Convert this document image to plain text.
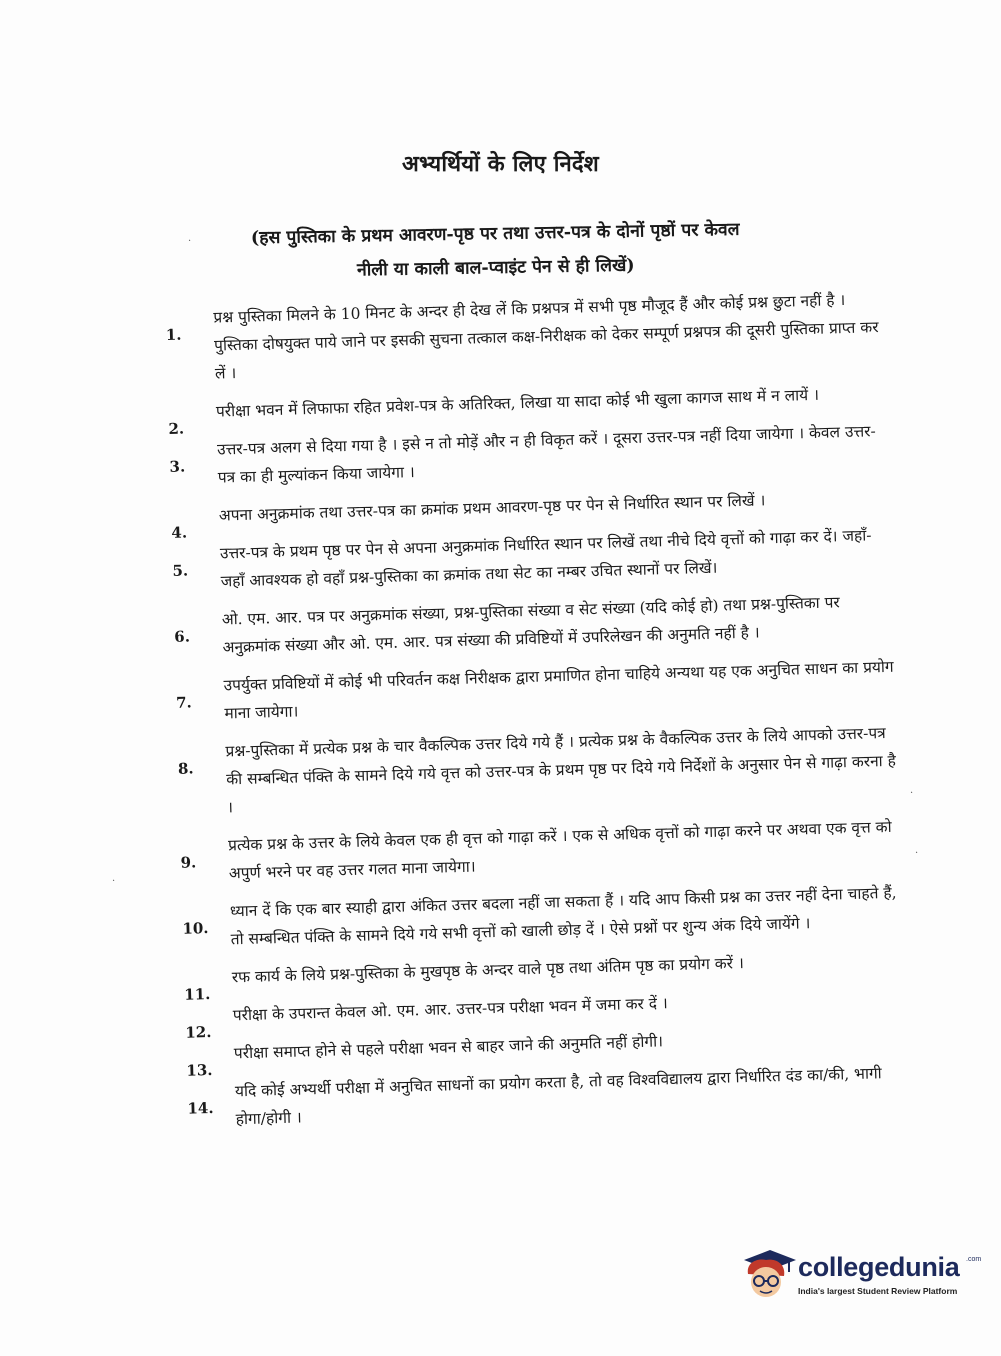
अभ्यर्थियों के लिए निर्देश
(हस पुस्तिका के प्रथम आवरण-पृष्ठ पर तथा उत्तर-पत्र के दोनों पृष्ठों पर केवल
नीली या काली बाल-प्वाइंट पेन से ही लिखें)
1.
प्रश्न पुस्तिका मिलने के 10 मिनट के अन्दर ही देख लें कि प्रश्नपत्र में सभी पृष्ठ मौजूद हैं और कोई प्रश्न छुटा नहीं है । पुस्तिका दोषयुक्त पाये जाने पर इसकी सुचना तत्काल कक्ष-निरीक्षक को देकर सम्पूर्ण प्रश्नपत्र की दूसरी पुस्तिका प्राप्त कर लें ।
2.
परीक्षा भवन में लिफाफा रहित प्रवेश-पत्र के अतिरिक्त, लिखा या सादा कोई भी खुला कागज साथ में न लायें ।
3.
उत्तर-पत्र अलग से दिया गया है । इसे न तो मोड़ें और न ही विकृत करें । दूसरा उत्तर-पत्र नहीं दिया जायेगा । केवल उत्तर-पत्र का ही मुल्यांकन किया जायेगा ।
4.
अपना अनुक्रमांक तथा उत्तर-पत्र का क्रमांक प्रथम आवरण-पृष्ठ पर पेन से निर्धारित स्थान पर लिखें ।
5.
उत्तर-पत्र के प्रथम पृष्ठ पर पेन से अपना अनुक्रमांक निर्धारित स्थान पर लिखें तथा नीचे दिये वृत्तों को गाढ़ा कर दें। जहाँ-जहाँ आवश्यक हो वहाँ प्रश्न-पुस्तिका का क्रमांक तथा सेट का नम्बर उचित स्थानों पर लिखें।
6.
ओ. एम. आर. पत्र पर अनुक्रमांक संख्या, प्रश्न-पुस्तिका संख्या व सेट संख्या (यदि कोई हो) तथा प्रश्न-पुस्तिका पर अनुक्रमांक संख्या और ओ. एम. आर. पत्र संख्या की प्रविष्टियों में उपरिलेखन की अनुमति नहीं है ।
7.
उपर्युक्त प्रविष्टियों में कोई भी परिवर्तन कक्ष निरीक्षक द्वारा प्रमाणित होना चाहिये अन्यथा यह एक अनुचित साधन का प्रयोग माना जायेगा।
8.
प्रश्न-पुस्तिका में प्रत्येक प्रश्न के चार वैकल्पिक उत्तर दिये गये हैं । प्रत्येक प्रश्न के वैकल्पिक उत्तर के लिये आपको उत्तर-पत्र की सम्बन्धित पंक्ति के सामने दिये गये वृत्त को उत्तर-पत्र के प्रथम पृष्ठ पर दिये गये निर्देशों के अनुसार पेन से गाढ़ा करना है ।
9.
प्रत्येक प्रश्न के उत्तर के लिये केवल एक ही वृत्त को गाढ़ा करें । एक से अधिक वृत्तों को गाढ़ा करने पर अथवा एक वृत्त को अपुर्ण भरने पर वह उत्तर गलत माना जायेगा।
10.
ध्यान दें कि एक बार स्याही द्वारा अंकित उत्तर बदला नहीं जा सकता हैं । यदि आप किसी प्रश्न का उत्तर नहीं देना चाहते हैं, तो सम्बन्धित पंक्ति के सामने दिये गये सभी वृत्तों को खाली छोड़ दें । ऐसे प्रश्नों पर शुन्य अंक दिये जायेंगे ।
11.
रफ कार्य के लिये प्रश्न-पुस्तिका के मुखपृष्ठ के अन्दर वाले पृष्ठ तथा अंतिम पृष्ठ का प्रयोग करें ।
12.
परीक्षा के उपरान्त केवल ओ. एम. आर. उत्तर-पत्र परीक्षा भवन में जमा कर दें ।
13.
परीक्षा समाप्त होने से पहले परीक्षा भवन से बाहर जाने की अनुमति नहीं होगी।
14.
यदि कोई अभ्यर्थी परीक्षा में अनुचित साधनों का प्रयोग करता है, तो वह विश्वविद्यालय द्वारा निर्धारित दंड का/की, भागी होगा/होगी ।
·
·
·
·
collegedunia .com
India's largest Student Review Platform
